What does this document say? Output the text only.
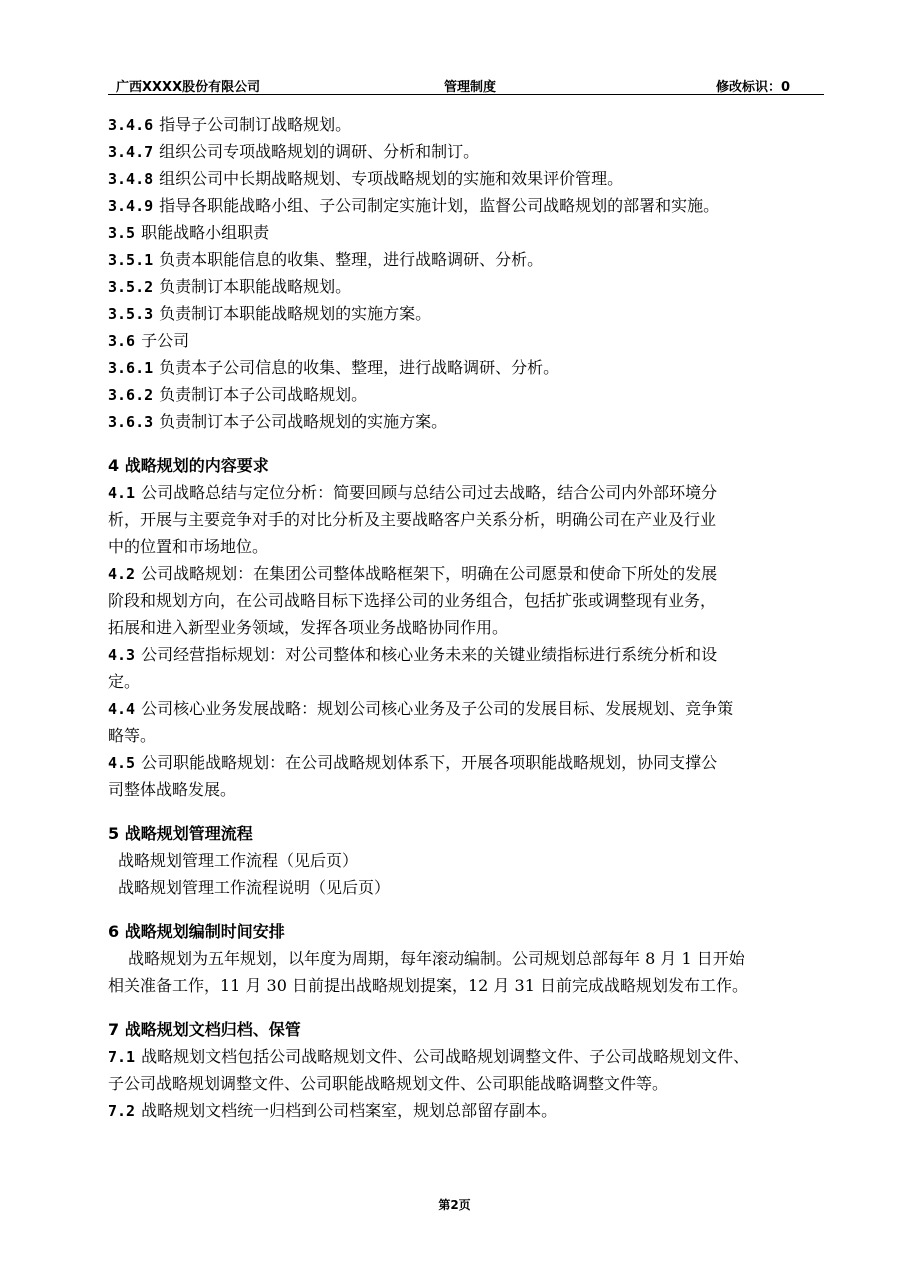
广西XXXX股份有限公司	管理制度	修改标识：0
3.4.6 指导子公司制订战略规划。
3.4.7 组织公司专项战略规划的调研、分析和制订。
3.4.8 组织公司中长期战略规划、专项战略规划的实施和效果评价管理。
3.4.9 指导各职能战略小组、子公司制定实施计划，监督公司战略规划的部署和实施。
3.5 职能战略小组职责
3.5.1 负责本职能信息的收集、整理，进行战略调研、分析。
3.5.2 负责制订本职能战略规划。
3.5.3 负责制订本职能战略规划的实施方案。
3.6 子公司
3.6.1 负责本子公司信息的收集、整理，进行战略调研、分析。
3.6.2 负责制订本子公司战略规划。
3.6.3 负责制订本子公司战略规划的实施方案。
4 战略规划的内容要求
4.1 公司战略总结与定位分析：简要回顾与总结公司过去战略，结合公司内外部环境分
析，开展与主要竞争对手的对比分析及主要战略客户关系分析，明确公司在产业及行业
中的位置和市场地位。
4.2 公司战略规划：在集团公司整体战略框架下，明确在公司愿景和使命下所处的发展
阶段和规划方向，在公司战略目标下选择公司的业务组合，包括扩张或调整现有业务，
拓展和进入新型业务领域，发挥各项业务战略协同作用。
4.3 公司经营指标规划：对公司整体和核心业务未来的关键业绩指标进行系统分析和设
定。
4.4 公司核心业务发展战略：规划公司核心业务及子公司的发展目标、发展规划、竞争策
略等。
4.5 公司职能战略规划：在公司战略规划体系下，开展各项职能战略规划，协同支撑公
司整体战略发展。
5 战略规划管理流程
战略规划管理工作流程（见后页）
战略规划管理工作流程说明（见后页）
6 战略规划编制时间安排
战略规划为五年规划，以年度为周期，每年滚动编制。公司规划总部每年 8 月 1 日开始
相关准备工作，11 月 30 日前提出战略规划提案，12 月 31 日前完成战略规划发布工作。
7 战略规划文档归档、保管
7.1 战略规划文档包括公司战略规划文件、公司战略规划调整文件、子公司战略规划文件、
子公司战略规划调整文件、公司职能战略规划文件、公司职能战略调整文件等。
7.2 战略规划文档统一归档到公司档案室，规划总部留存副本。
第2页
